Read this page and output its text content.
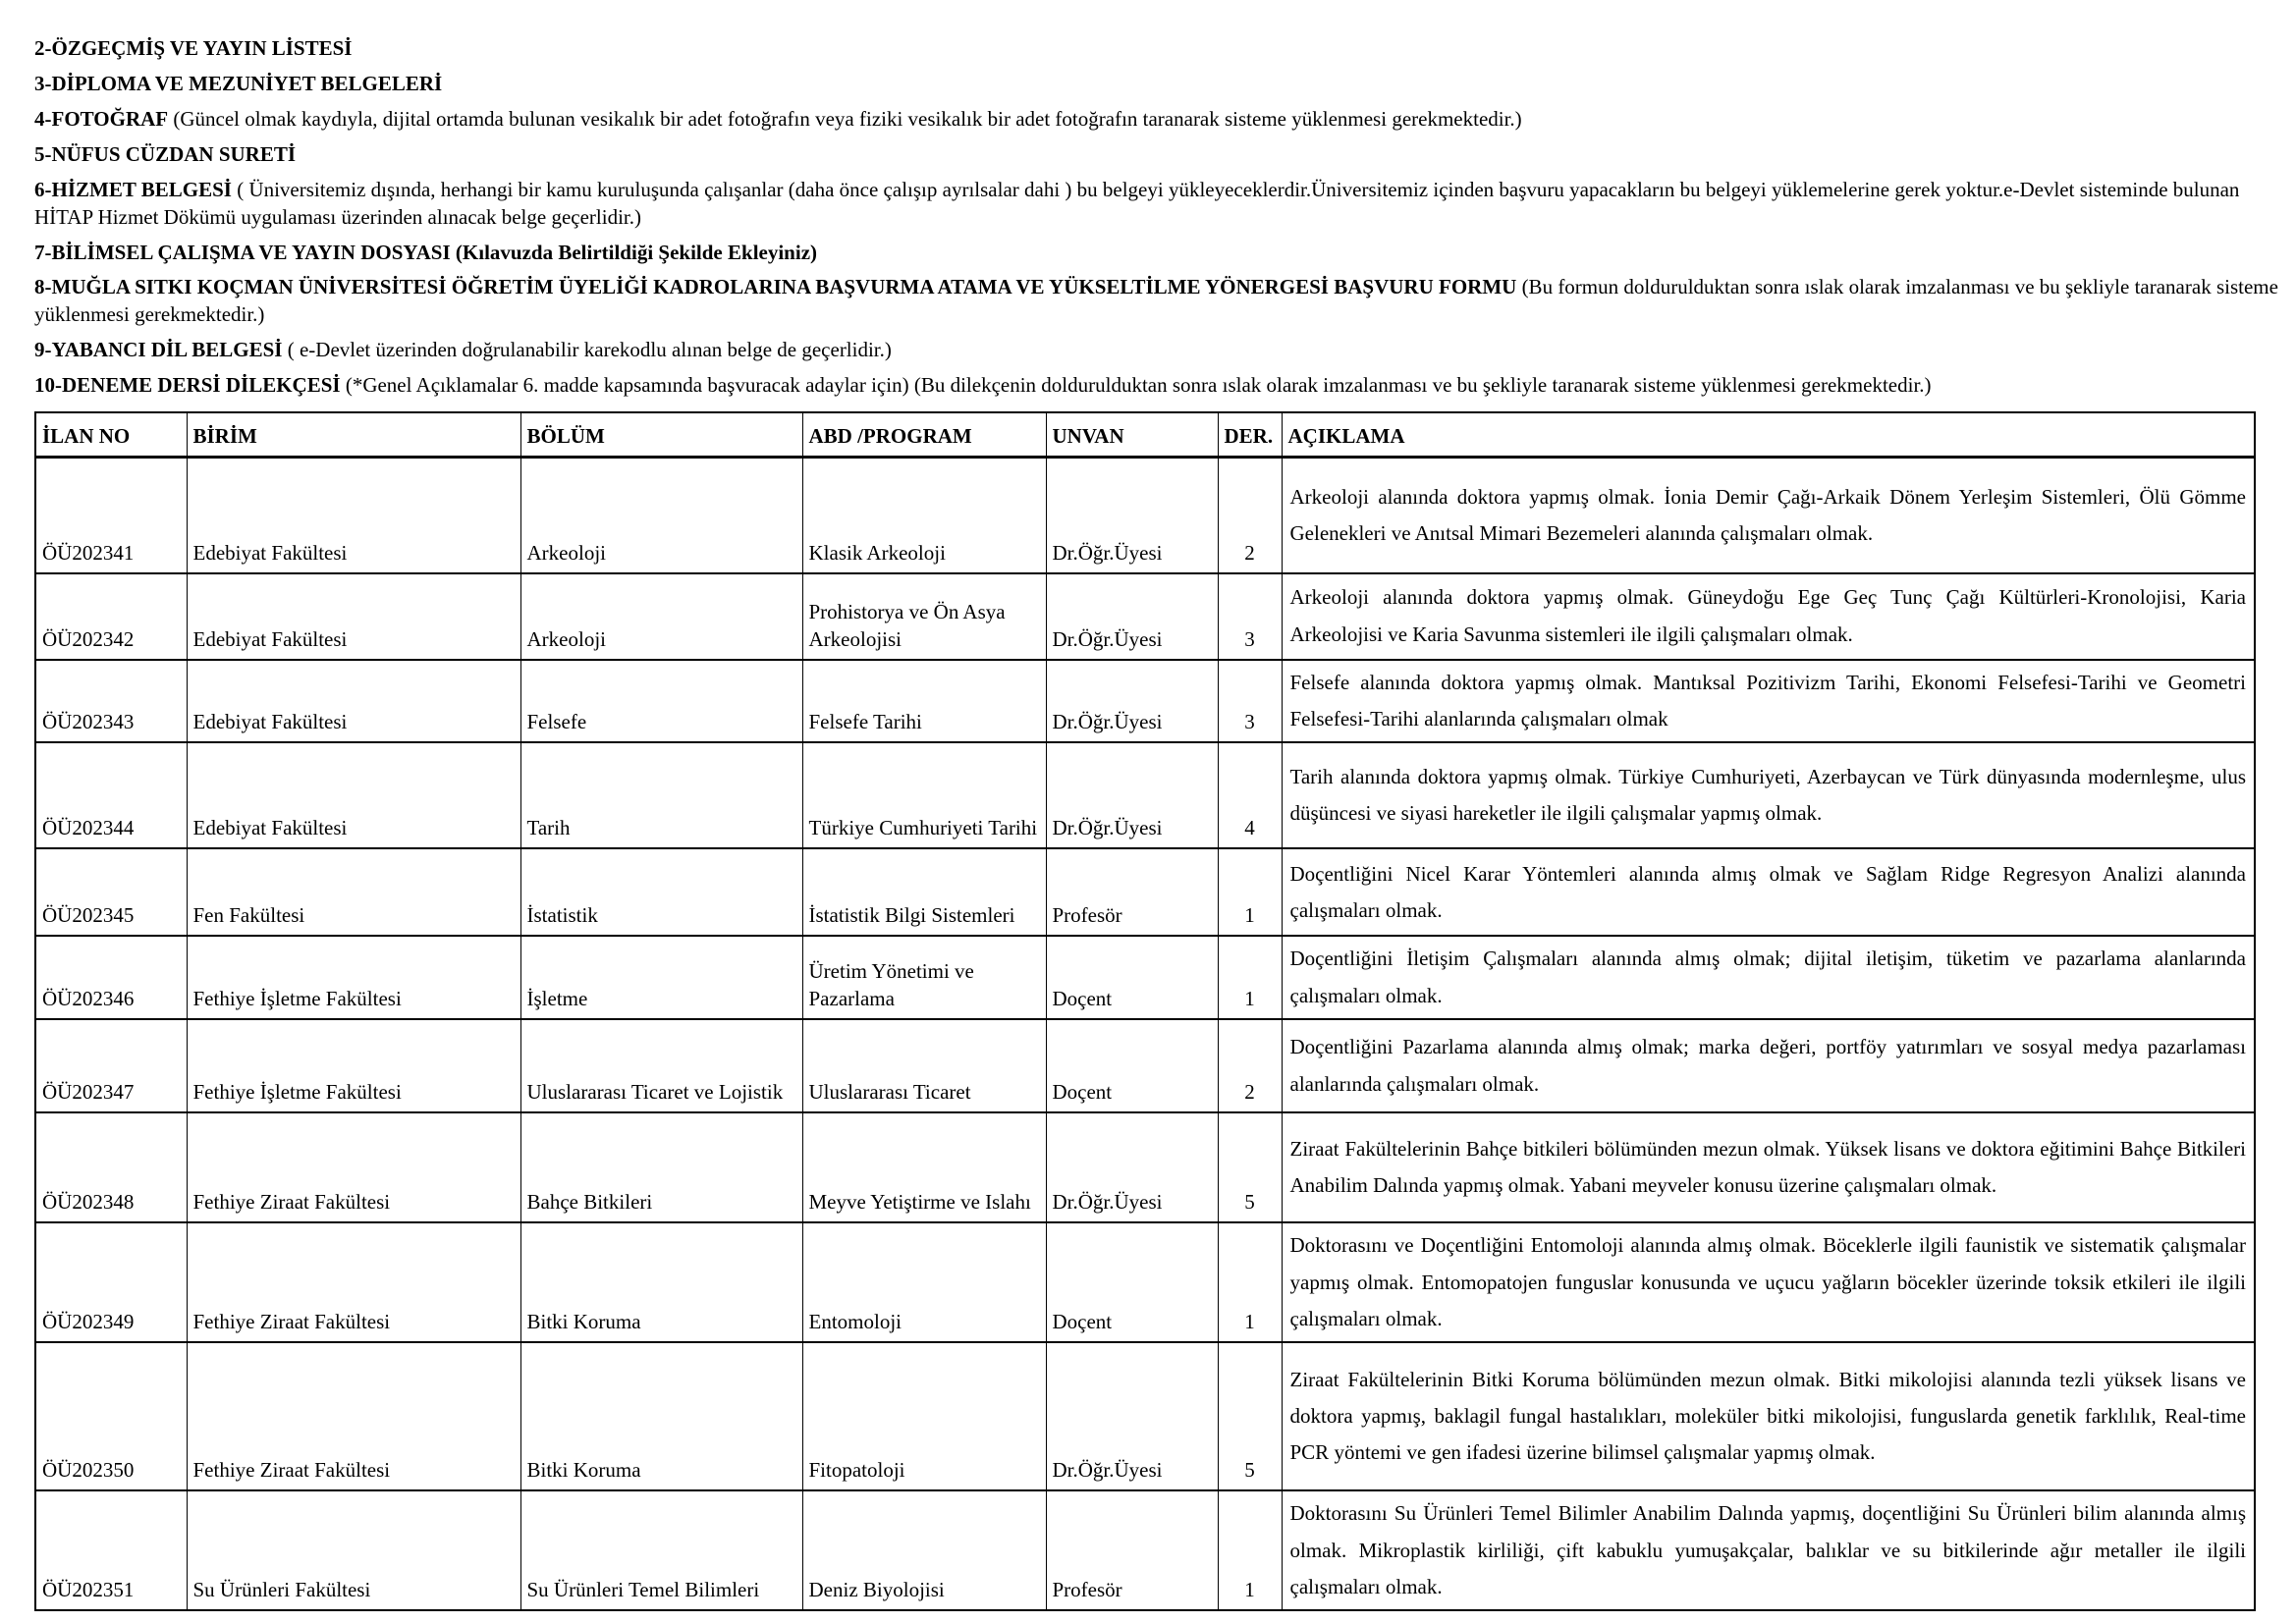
2-ÖZGEÇMİŞ VE YAYIN LİSTESİ

3-DİPLOMA VE MEZUNİYET BELGELERİ

4-FOTOĞRAF (Güncel olmak kaydıyla, dijital ortamda bulunan vesikalık bir adet fotoğrafın veya fiziki vesikalık bir adet fotoğrafın taranarak sisteme yüklenmesi gerekmektedir.)

5-NÜFUS CÜZDAN SURETİ

6-HİZMET BELGESİ ( Üniversitemiz dışında, herhangi bir kamu kuruluşunda çalışanlar (daha önce çalışıp ayrılsalar dahi ) bu belgeyi yükleyeceklerdir.Üniversitemiz içinden başvuru yapacakların bu belgeyi yüklemelerine gerek yoktur.e-Devlet sisteminde bulunan HİTAP Hizmet Dökümü uygulaması üzerinden alınacak belge geçerlidir.)

7-BİLİMSEL ÇALIŞMA VE YAYIN DOSYASI (Kılavuzda Belirtildiği Şekilde Ekleyiniz)

8-MUĞLA SITKI KOÇMAN ÜNİVERSİTESİ ÖĞRETİM ÜYELİĞİ KADROLARINA BAŞVURMA ATAMA VE YÜKSELTİLME YÖNERGESİ BAŞVURU FORMU (Bu formun doldurulduktan sonra ıslak olarak imzalanması ve bu şekliyle taranarak sisteme yüklenmesi gerekmektedir.)

9-YABANCI DİL BELGESİ ( e-Devlet üzerinden doğrulanabilir karekodlu alınan belge de geçerlidir.)

10-DENEME DERSİ DİLEKÇESİ (*Genel Açıklamalar 6. madde kapsamında başvuracak adaylar için) (Bu dilekçenin doldurulduktan sonra ıslak olarak imzalanması ve bu şekliyle taranarak sisteme yüklenmesi gerekmektedir.)

İLAN NO	BİRİM	BÖLÜM	ABD /PROGRAM	UNVAN	DER.	AÇIKLAMA
ÖÜ202341	Edebiyat Fakültesi	Arkeoloji	Klasik Arkeoloji	Dr.Öğr.Üyesi	2	Arkeoloji alanında doktora yapmış olmak. İonia Demir Çağı-Arkaik Dönem Yerleşim Sistemleri, Ölü Gömme Gelenekleri ve Anıtsal Mimari Bezemeleri alanında çalışmaları olmak.
ÖÜ202342	Edebiyat Fakültesi	Arkeoloji	Prohistorya ve Ön Asya Arkeolojisi	Dr.Öğr.Üyesi	3	Arkeoloji alanında doktora yapmış olmak. Güneydoğu Ege Geç Tunç Çağı Kültürleri-Kronolojisi, Karia Arkeolojisi ve Karia Savunma sistemleri ile ilgili çalışmaları olmak.
ÖÜ202343	Edebiyat Fakültesi	Felsefe	Felsefe Tarihi	Dr.Öğr.Üyesi	3	Felsefe alanında doktora yapmış olmak. Mantıksal Pozitivizm Tarihi, Ekonomi Felsefesi-Tarihi ve Geometri Felsefesi-Tarihi alanlarında çalışmaları olmak
ÖÜ202344	Edebiyat Fakültesi	Tarih	Türkiye Cumhuriyeti Tarihi	Dr.Öğr.Üyesi	4	Tarih alanında doktora yapmış olmak. Türkiye Cumhuriyeti, Azerbaycan ve Türk dünyasında modernleşme, ulus düşüncesi ve siyasi hareketler ile ilgili çalışmalar yapmış olmak.
ÖÜ202345	Fen Fakültesi	İstatistik	İstatistik Bilgi Sistemleri	Profesör	1	Doçentliğini Nicel Karar Yöntemleri alanında almış olmak ve Sağlam Ridge Regresyon Analizi alanında çalışmaları olmak.
ÖÜ202346	Fethiye İşletme Fakültesi	İşletme	Üretim Yönetimi ve Pazarlama	Doçent	1	Doçentliğini İletişim Çalışmaları alanında almış olmak; dijital iletişim, tüketim ve pazarlama alanlarında çalışmaları olmak.
ÖÜ202347	Fethiye İşletme Fakültesi	Uluslararası Ticaret ve Lojistik	Uluslararası Ticaret	Doçent	2	Doçentliğini Pazarlama alanında almış olmak; marka değeri, portföy yatırımları ve sosyal medya pazarlaması alanlarında çalışmaları olmak.
ÖÜ202348	Fethiye Ziraat Fakültesi	Bahçe Bitkileri	Meyve Yetiştirme ve Islahı	Dr.Öğr.Üyesi	5	Ziraat Fakültelerinin Bahçe bitkileri bölümünden mezun olmak. Yüksek lisans ve doktora eğitimini Bahçe Bitkileri Anabilim Dalında yapmış olmak. Yabani meyveler konusu üzerine çalışmaları olmak.
ÖÜ202349	Fethiye Ziraat Fakültesi	Bitki Koruma	Entomoloji	Doçent	1	Doktorasını ve Doçentliğini Entomoloji alanında almış olmak. Böceklerle ilgili faunistik ve sistematik çalışmalar yapmış olmak. Entomopatojen funguslar konusunda ve uçucu yağların böcekler üzerinde toksik etkileri ile ilgili çalışmaları olmak.
ÖÜ202350	Fethiye Ziraat Fakültesi	Bitki Koruma	Fitopatoloji	Dr.Öğr.Üyesi	5	Ziraat Fakültelerinin Bitki Koruma bölümünden mezun olmak. Bitki mikolojisi alanında tezli yüksek lisans ve doktora yapmış, baklagil fungal hastalıkları, moleküler bitki mikolojisi, funguslarda genetik farklılık, Real-time PCR yöntemi ve gen ifadesi üzerine bilimsel çalışmalar yapmış olmak.
ÖÜ202351	Su Ürünleri Fakültesi	Su Ürünleri Temel Bilimleri	Deniz Biyolojisi	Profesör	1	Doktorasını Su Ürünleri Temel Bilimler Anabilim Dalında yapmış, doçentliğini Su Ürünleri bilim alanında almış olmak. Mikroplastik kirliliği, çift kabuklu yumuşakçalar, balıklar ve su bitkilerinde ağır metaller ile ilgili çalışmaları olmak.
